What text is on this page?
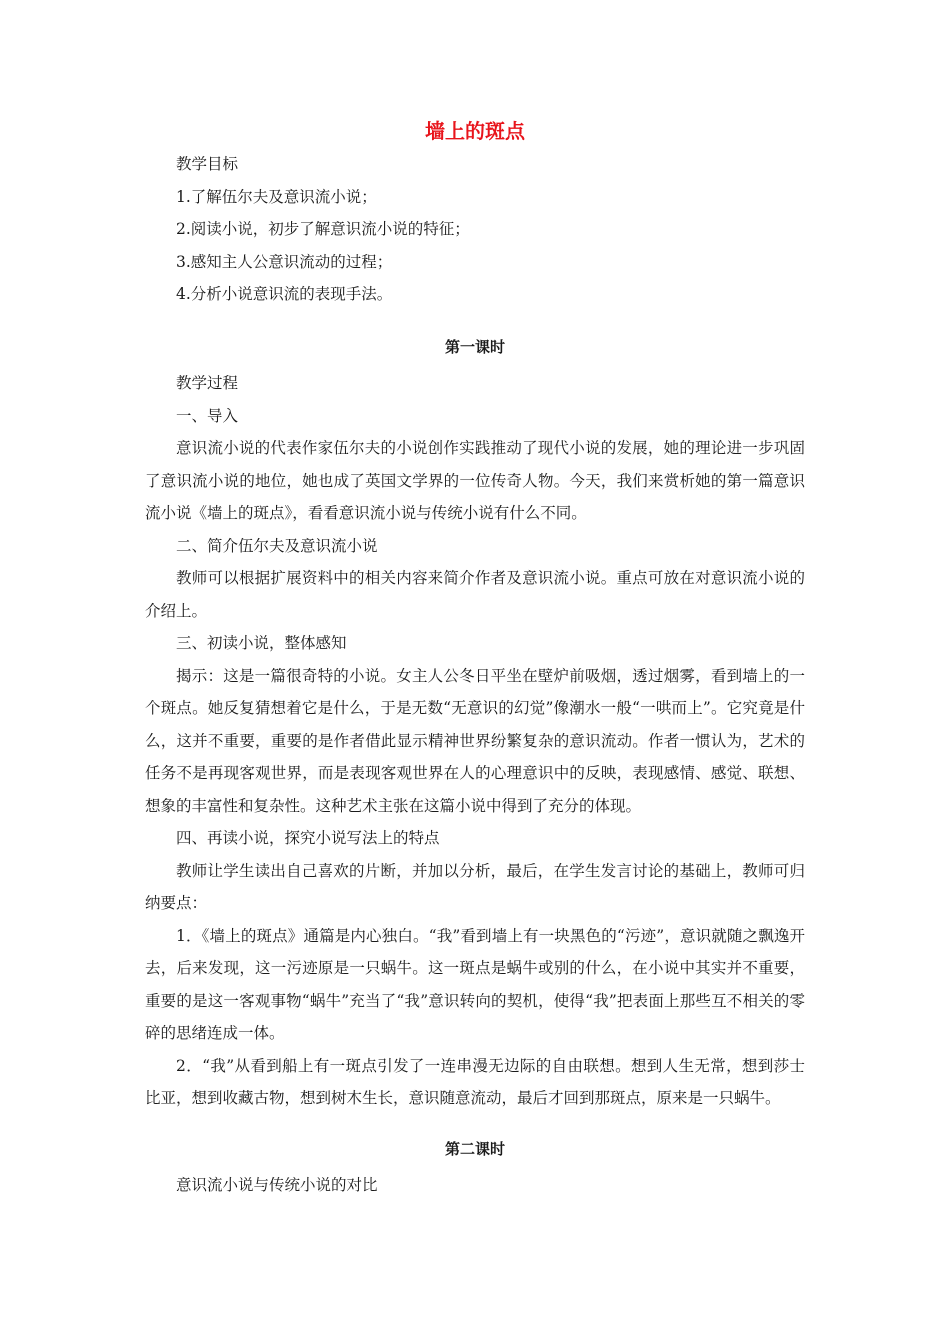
墙上的斑点

教学目标

1.了解伍尔夫及意识流小说；

2.阅读小说，初步了解意识流小说的特征；

3.感知主人公意识流动的过程；

4.分析小说意识流的表现手法。

第一课时

教学过程

一、导入

意识流小说的代表作家伍尔夫的小说创作实践推动了现代小说的发展，她的理论进一步巩固了意识流小说的地位，她也成了英国文学界的一位传奇人物。今天，我们来赏析她的第一篇意识流小说《墙上的斑点》，看看意识流小说与传统小说有什么不同。

二、简介伍尔夫及意识流小说

教师可以根据扩展资料中的相关内容来简介作者及意识流小说。重点可放在对意识流小说的介绍上。

三、初读小说，整体感知

揭示：这是一篇很奇特的小说。女主人公冬日平坐在壁炉前吸烟，透过烟雾，看到墙上的一个斑点。她反复猜想着它是什么，于是无数“无意识的幻觉”像潮水一般“一哄而上”。它究竟是什么，这并不重要，重要的是作者借此显示精神世界纷繁复杂的意识流动。作者一惯认为，艺术的任务不是再现客观世界，而是表现客观世界在人的心理意识中的反映，表现感情、感觉、联想、想象的丰富性和复杂性。这种艺术主张在这篇小说中得到了充分的体现。

四、再读小说，探究小说写法上的特点

教师让学生读出自己喜欢的片断，并加以分析，最后，在学生发言讨论的基础上，教师可归纳要点：

1．《墙上的斑点》通篇是内心独白。“我”看到墙上有一块黑色的“污迹”，意识就随之飘逸开去，后来发现，这一污迹原是一只蜗牛。这一斑点是蜗牛或别的什么，在小说中其实并不重要，重要的是这一客观事物“蜗牛”充当了“我”意识转向的契机，使得“我”把表面上那些互不相关的零碎的思绪连成一体。

2．“我”从看到船上有一斑点引发了一连串漫无边际的自由联想。想到人生无常，想到莎士比亚，想到收藏古物，想到树木生长，意识随意流动，最后才回到那斑点，原来是一只蜗牛。

第二课时

意识流小说与传统小说的对比
